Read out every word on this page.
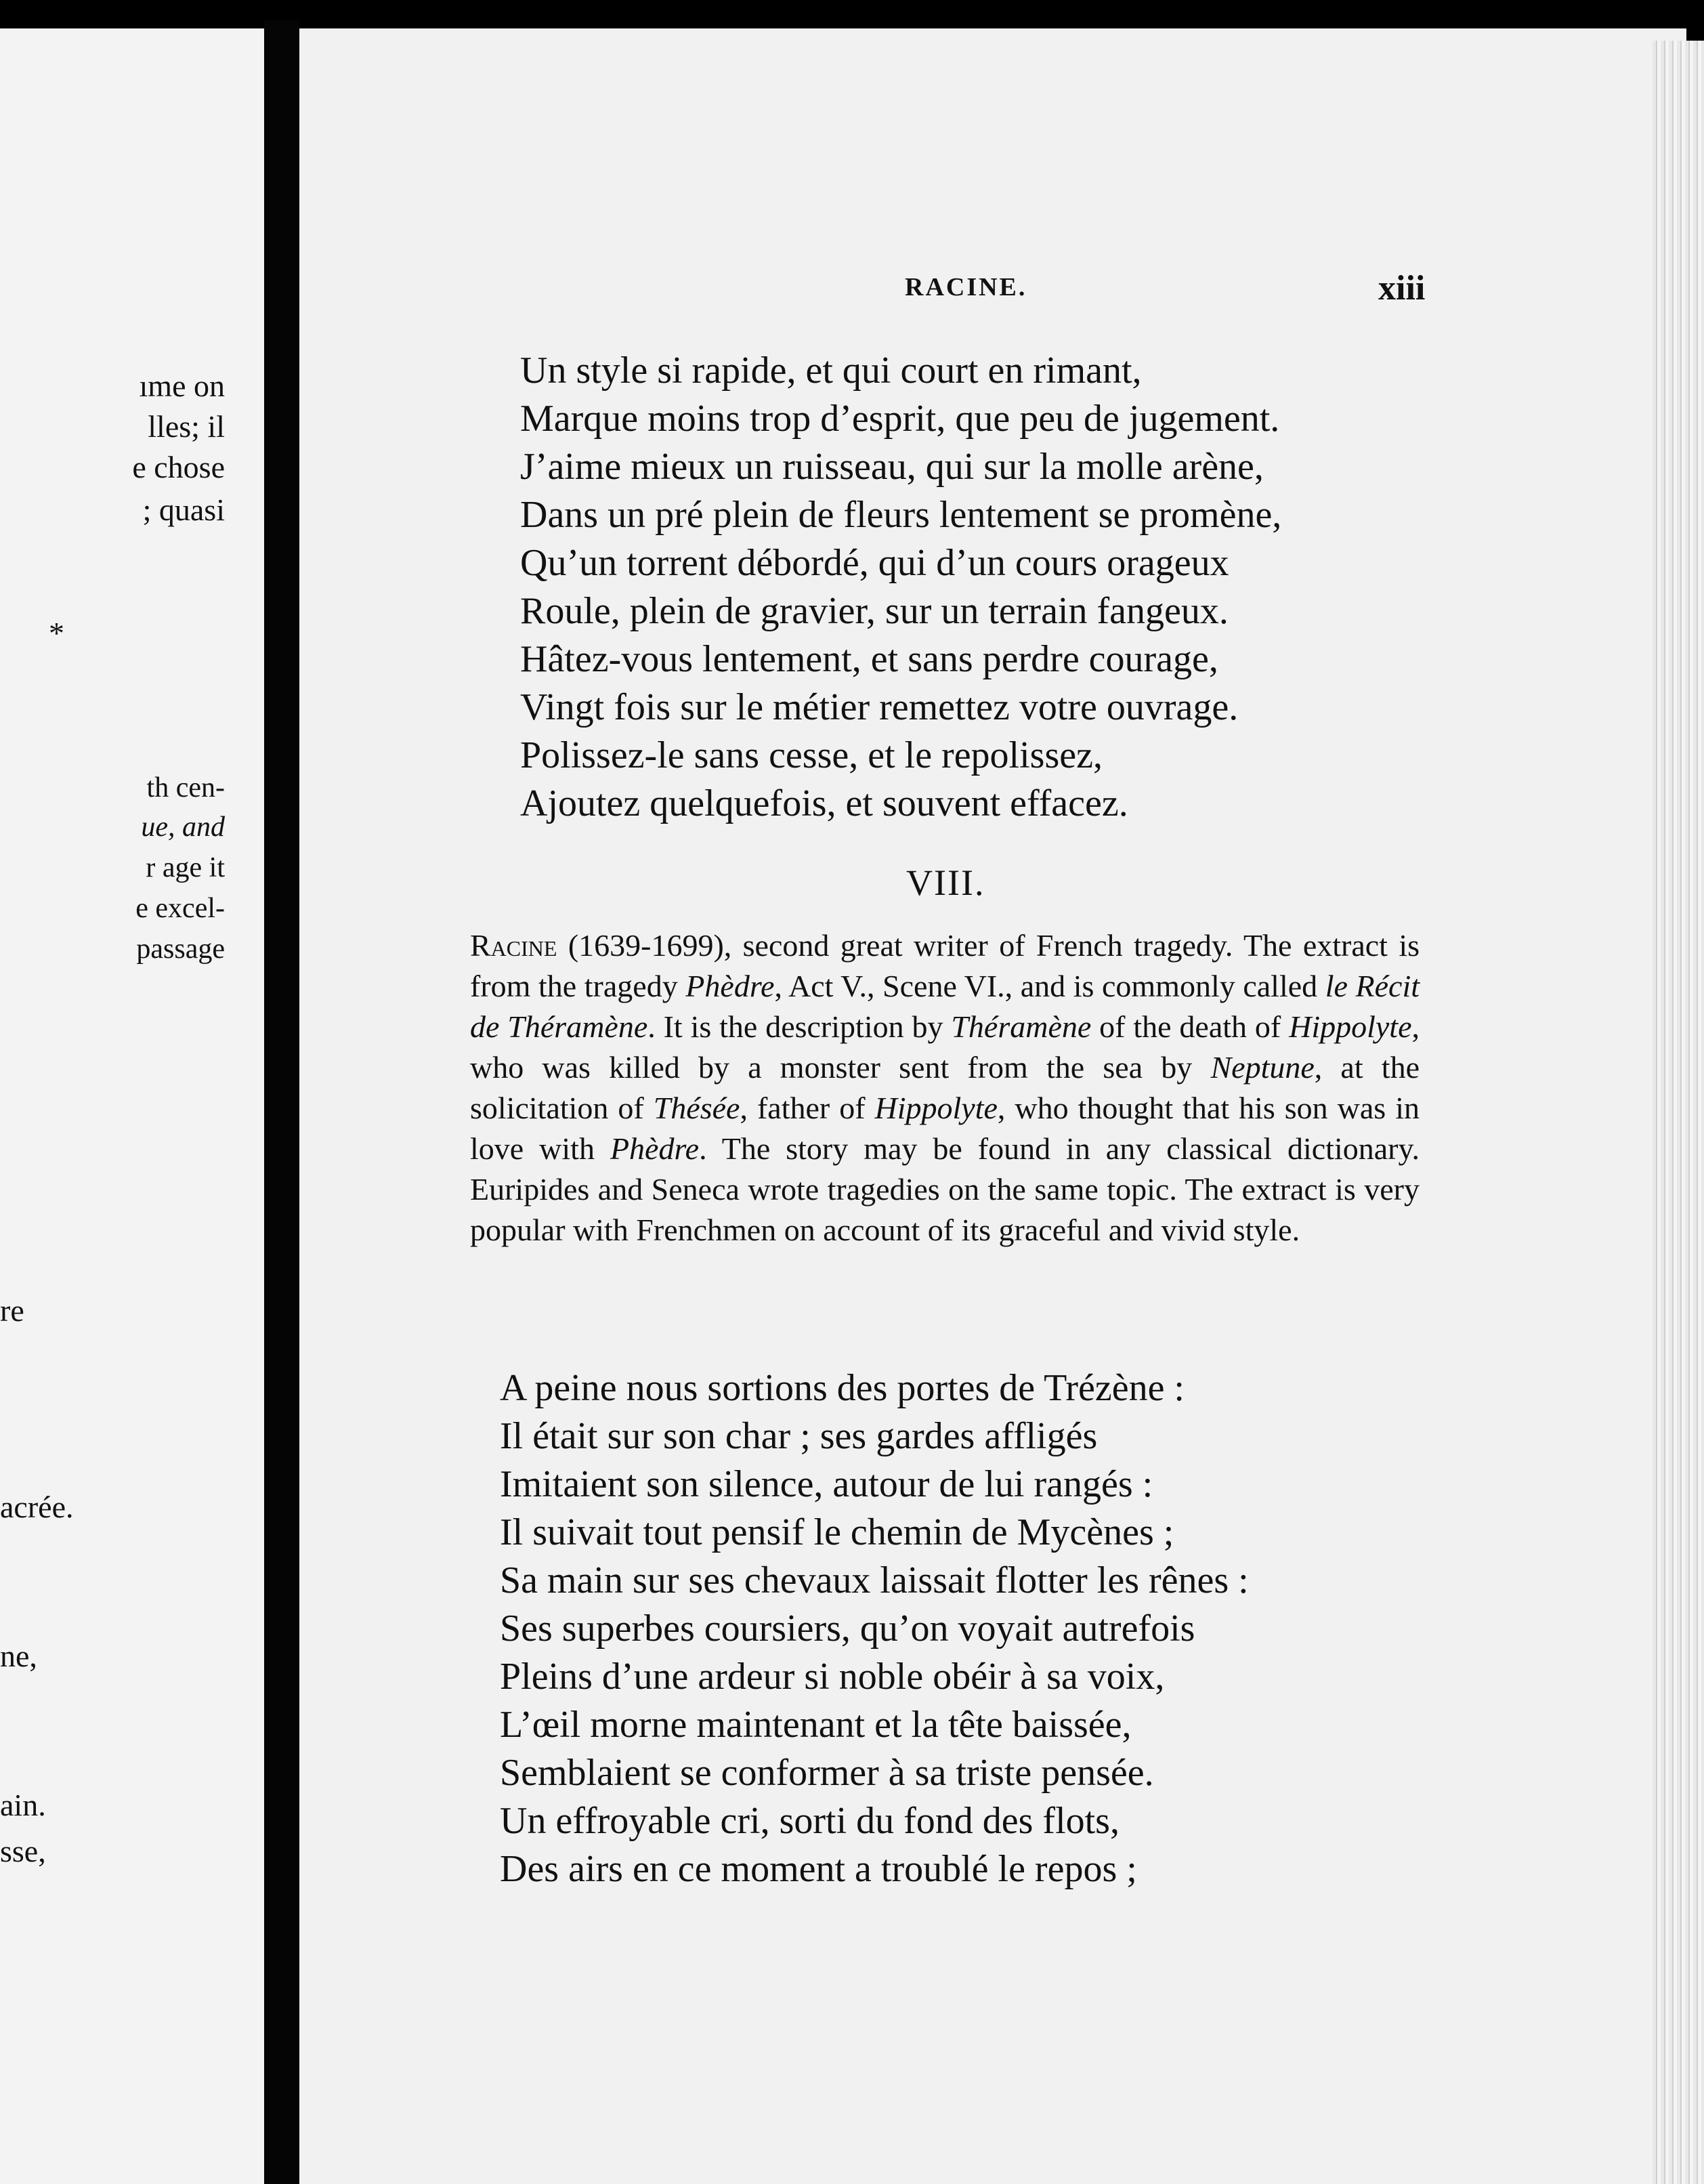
ıme on
lles; il
e chose
; quasi
*
th cen-
ue, and
r age it
e excel-
passage
re
acrée.
ne,
ain.
sse,
RACINE.	xiii
Un style si rapide, et qui court en rimant,
Marque moins trop d’esprit, que peu de jugement.
J’aime mieux un ruisseau, qui sur la molle arène,
Dans un pré plein de fleurs lentement se promène,
Qu’un torrent débordé, qui d’un cours orageux
Roule, plein de gravier, sur un terrain fangeux.
Hâtez-vous lentement, et sans perdre courage,
Vingt fois sur le métier remettez votre ouvrage.
Polissez-le sans cesse, et le repolissez,
Ajoutez quelquefois, et souvent effacez.
VIII.
Racine (1639-1699), second great writer of French tragedy. The extract is from the tragedy Phèdre, Act V., Scene VI., and is commonly called le Récit de Théramène. It is the description by Théramène of the death of Hippolyte, who was killed by a monster sent from the sea by Neptune, at the solicitation of Thésée, father of Hippolyte, who thought that his son was in love with Phèdre. The story may be found in any classical dictionary. Euripides and Seneca wrote tragedies on the same topic. The extract is very popular with Frenchmen on account of its graceful and vivid style.
A peine nous sortions des portes de Trézène :
Il était sur son char ; ses gardes affligés
Imitaient son silence, autour de lui rangés :
Il suivait tout pensif le chemin de Mycènes ;
Sa main sur ses chevaux laissait flotter les rênes :
Ses superbes coursiers, qu’on voyait autrefois
Pleins d’une ardeur si noble obéir à sa voix,
L’œil morne maintenant et la tête baissée,
Semblaient se conformer à sa triste pensée.
Un effroyable cri, sorti du fond des flots,
Des airs en ce moment a troublé le repos ;
